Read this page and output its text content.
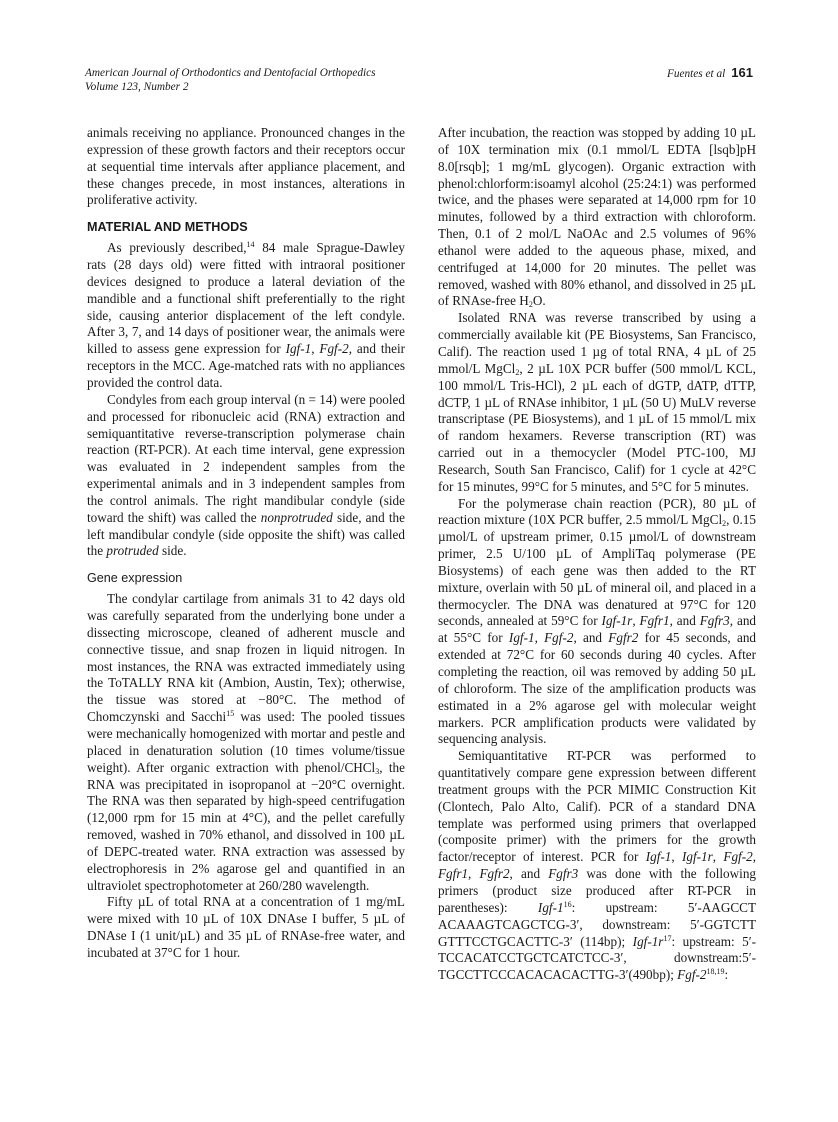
American Journal of Orthodontics and Dentofacial Orthopedics
Volume 123, Number 2
Fuentes et al 161

animals receiving no appliance. Pronounced changes in the expression of these growth factors and their receptors occur at sequential time intervals after appliance placement, and these changes precede, in most instances, alterations in proliferative activity.

MATERIAL AND METHODS

As previously described,$^{14}$ 84 male Sprague-Dawley rats (28 days old) were fitted with intraoral positioner devices designed to produce a lateral deviation of the mandible and a functional shift preferentially to the right side, causing anterior displacement of the left condyle. After 3, 7, and 14 days of positioner wear, the animals were killed to assess gene expression for Igf-1, Fgf-2, and their receptors in the MCC. Age-matched rats with no appliances provided the control data.

Condyles from each group interval (n = 14) were pooled and processed for ribonucleic acid (RNA) extraction and semiquantitative reverse-transcription polymerase chain reaction (RT-PCR). At each time interval, gene expression was evaluated in 2 independent samples from the experimental animals and in 3 independent samples from the control animals. The right mandibular condyle (side toward the shift) was called the nonprotruded side, and the left mandibular condyle (side opposite the shift) was called the protruded side.

Gene expression

The condylar cartilage from animals 31 to 42 days old was carefully separated from the underlying bone under a dissecting microscope, cleaned of adherent muscle and connective tissue, and snap frozen in liquid nitrogen. In most instances, the RNA was extracted immediately using the ToTALLY RNA kit (Ambion, Austin, Tex); otherwise, the tissue was stored at −80°C. The method of Chomczynski and Sacchi$^{15}$ was used: The pooled tissues were mechanically homogenized with mortar and pestle and placed in denaturation solution (10 times volume/tissue weight). After organic extraction with phenol/CHCl$_3$, the RNA was precipitated in isopropanol at −20°C overnight. The RNA was then separated by high-speed centrifugation (12,000 rpm for 15 min at 4°C), and the pellet carefully removed, washed in 70% ethanol, and dissolved in 100 µL of DEPC-treated water. RNA extraction was assessed by electrophoresis in 2% agarose gel and quantified in an ultraviolet spectrophotometer at 260/280 wavelength.

Fifty µL of total RNA at a concentration of 1 mg/mL were mixed with 10 µL of 10X DNAse I buffer, 5 µL of DNAse I (1 unit/µL) and 35 µL of RNAse-free water, and incubated at 37°C for 1 hour.

After incubation, the reaction was stopped by adding 10 µL of 10X termination mix (0.1 mmol/L EDTA [lsqb]pH 8.0[rsqb]; 1 mg/mL glycogen). Organic extraction with phenol:chlorform:isoamyl alcohol (25:24:1) was performed twice, and the phases were separated at 14,000 rpm for 10 minutes, followed by a third extraction with chloroform. Then, 0.1 of 2 mol/L NaOAc and 2.5 volumes of 96% ethanol were added to the aqueous phase, mixed, and centrifuged at 14,000 for 20 minutes. The pellet was removed, washed with 80% ethanol, and dissolved in 25 µL of RNAse-free $H_2O$.

Isolated RNA was reverse transcribed by using a commercially available kit (PE Biosystems, San Francisco, Calif). The reaction used 1 µg of total RNA, 4 µL of 25 mmol/L MgCl$_2$, 2 µL 10X PCR buffer (500 mmol/L KCL, 100 mmol/L Tris-HCl), 2 µL each of dGTP, dATP, dTTP, dCTP, 1 µL of RNAse inhibitor, 1 µL (50 U) MuLV reverse transcriptase (PE Biosystems), and 1 µL of 15 mmol/L mix of random hexamers. Reverse transcription (RT) was carried out in a themocycler (Model PTC-100, MJ Research, South San Francisco, Calif) for 1 cycle at 42°C for 15 minutes, 99°C for 5 minutes, and 5°C for 5 minutes.

For the polymerase chain reaction (PCR), 80 µL of reaction mixture (10X PCR buffer, 2.5 mmol/L MgCl$_2$, 0.15 µmol/L of upstream primer, 0.15 µmol/L of downstream primer, 2.5 U/100 µL of AmpliTaq polymerase (PE Biosystems) of each gene was then added to the RT mixture, overlain with 50 µL of mineral oil, and placed in a thermocycler. The DNA was denatured at 97°C for 120 seconds, annealed at 59°C for Igf-1r, Fgfr1, and Fgfr3, and at 55°C for Igf-1, Fgf-2, and Fgfr2 for 45 seconds, and extended at 72°C for 60 seconds during 40 cycles. After completing the reaction, oil was removed by adding 50 µL of chloroform. The size of the amplification products was estimated in a 2% agarose gel with molecular weight markers. PCR amplification products were validated by sequencing analysis.

Semiquantitative RT-PCR was performed to quantitatively compare gene expression between different treatment groups with the PCR MIMIC Construction Kit (Clontech, Palo Alto, Calif). PCR of a standard DNA template was performed using primers that overlapped (composite primer) with the primers for the growth factor/receptor of interest. PCR for Igf-1, Igf-1r, Fgf-2, Fgfr1, Fgfr2, and Fgfr3 was done with the following primers (product size produced after RT-PCR in parentheses): Igf-$1^{16}$: upstream: 5′-AAGCCT ACAAAGTCAGCTCG-3′, downstream: 5′-GGTCTT GTTTCCTGCACTTC-3′ (114bp); Igf-$1r^{17}$: upstream: 5′-TCCACATCCTGCTCATCTCC-3′, downstream:5′-TGCCTTCCCACACACACTTG-3′(490bp); Fgf-2$^{18,19}$:
